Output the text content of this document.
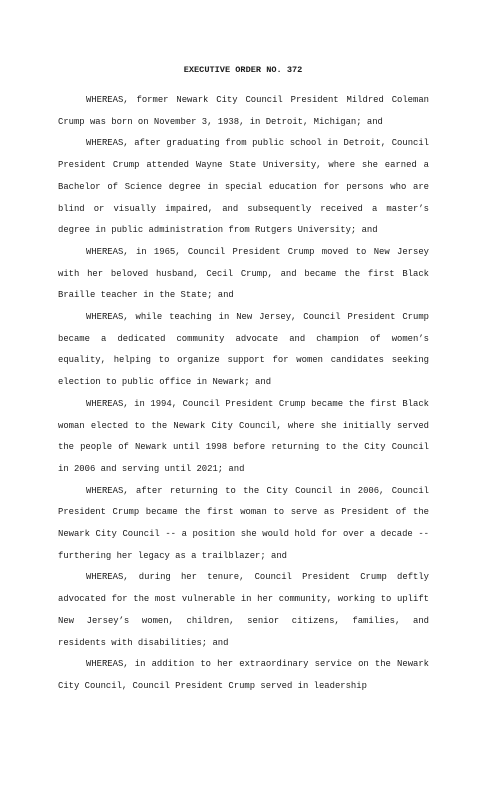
EXECUTIVE ORDER NO. 372

WHEREAS, former Newark City Council President Mildred Coleman Crump was born on November 3, 1938, in Detroit, Michigan; and

WHEREAS, after graduating from public school in Detroit, Council President Crump attended Wayne State University, where she earned a Bachelor of Science degree in special education for persons who are blind or visually impaired, and subsequently received a master’s degree in public administration from Rutgers University; and

WHEREAS, in 1965, Council President Crump moved to New Jersey with her beloved husband, Cecil Crump, and became the first Black Braille teacher in the State; and

WHEREAS, while teaching in New Jersey, Council President Crump became a dedicated community advocate and champion of women’s equality, helping to organize support for women candidates seeking election to public office in Newark; and

WHEREAS, in 1994, Council President Crump became the first Black woman elected to the Newark City Council, where she initially served the people of Newark until 1998 before returning to the City Council in 2006 and serving until 2021; and

WHEREAS, after returning to the City Council in 2006, Council President Crump became the first woman to serve as President of the Newark City Council -- a position she would hold for over a decade -- furthering her legacy as a trailblazer; and

WHEREAS, during her tenure, Council President Crump deftly advocated for the most vulnerable in her community, working to uplift New Jersey’s women, children, senior citizens, families, and residents with disabilities; and

WHEREAS, in addition to her extraordinary service on the Newark City Council, Council President Crump served in leadership
